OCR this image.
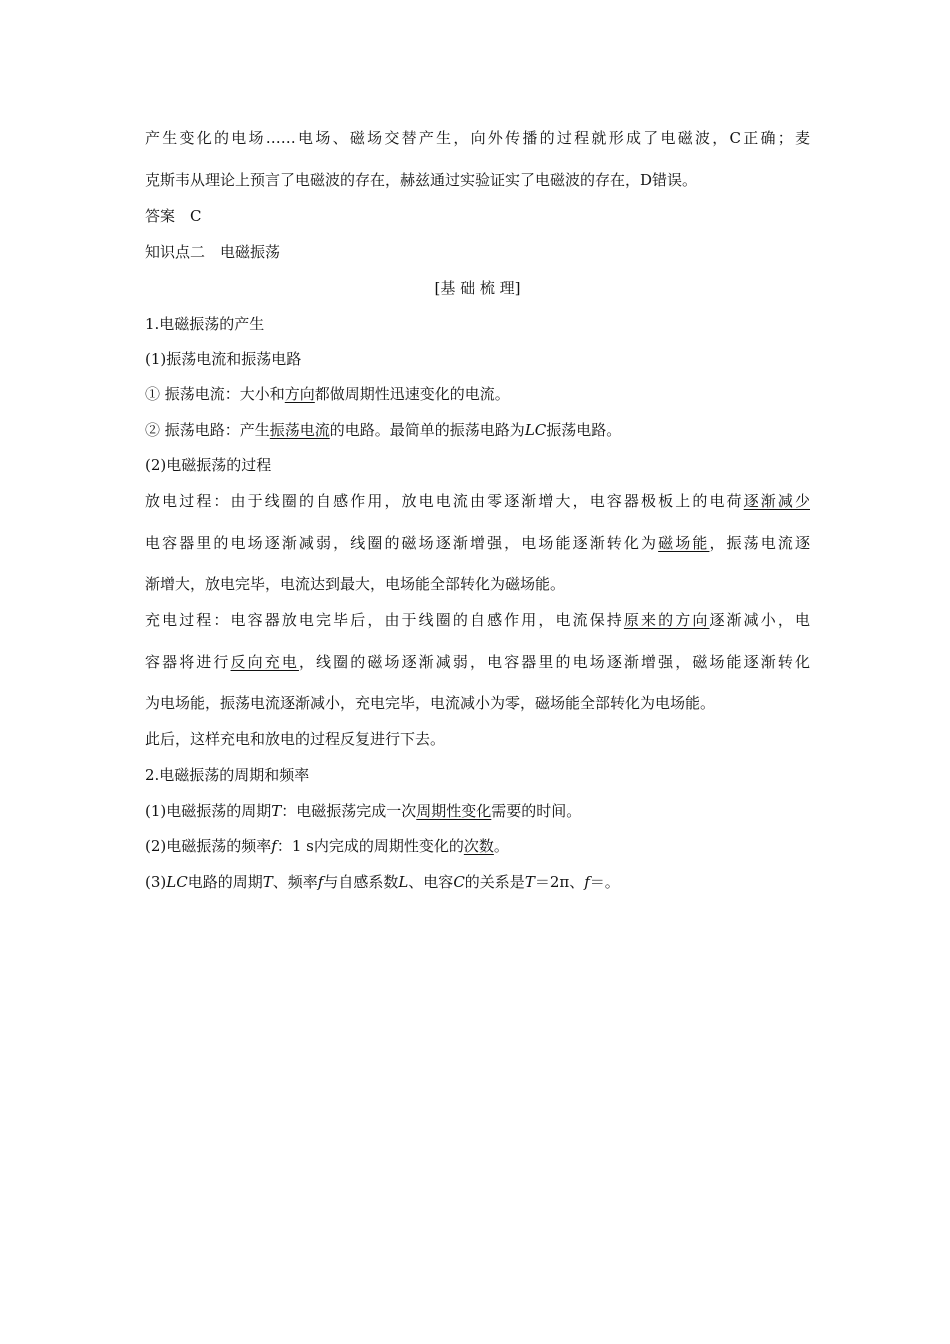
产生变化的电场……电场、磁场交替产生，向外传播的过程就形成了电磁波，C正确；麦
克斯韦从理论上预言了电磁波的存在，赫兹通过实验证实了电磁波的存在，D错误。
答案　C
知识点二　电磁振荡
[基 础 梳 理]
1.电磁振荡的产生
(1)振荡电流和振荡电路
① 振荡电流：大小和方向都做周期性迅速变化的电流。
② 振荡电路：产生振荡电流的电路。最简单的振荡电路为LC振荡电路。
(2)电磁振荡的过程
放电过程：由于线圈的自感作用，放电电流由零逐渐增大，电容器极板上的电荷逐渐减少
电容器里的电场逐渐减弱，线圈的磁场逐渐增强，电场能逐渐转化为磁场能，振荡电流逐
渐增大，放电完毕，电流达到最大，电场能全部转化为磁场能。
充电过程：电容器放电完毕后，由于线圈的自感作用，电流保持原来的方向逐渐减小，电
容器将进行反向充电，线圈的磁场逐渐减弱，电容器里的电场逐渐增强，磁场能逐渐转化
为电场能，振荡电流逐渐减小，充电完毕，电流减小为零，磁场能全部转化为电场能。
此后，这样充电和放电的过程反复进行下去。
2.电磁振荡的周期和频率
(1)电磁振荡的周期T：电磁振荡完成一次周期性变化需要的时间。
(2)电磁振荡的频率f：1 s内完成的周期性变化的次数。
(3)LC电路的周期T、频率f与自感系数L、电容C的关系是T＝2π、f＝。
